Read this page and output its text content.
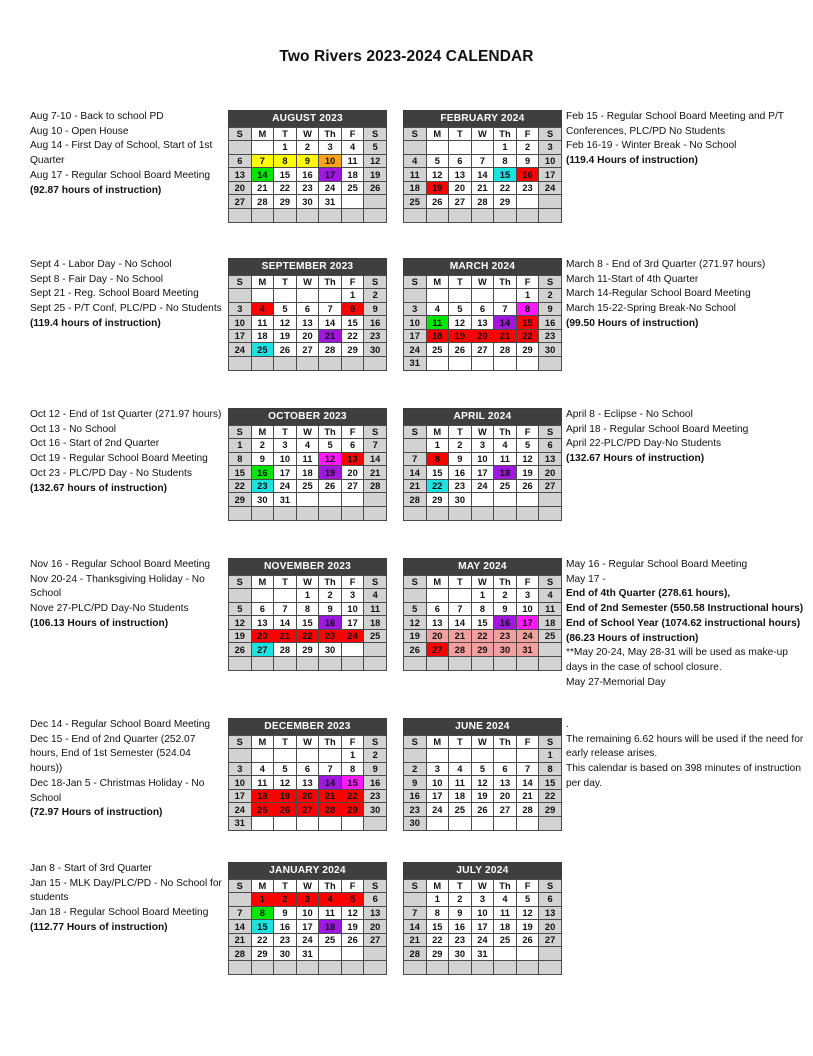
Two Rivers 2023-2024 CALENDAR
Aug 7-10 - Back to school PD
Aug 10 - Open House
Aug 14 - First Day of School, Start of 1st Quarter
Aug 17 - Regular School Board Meeting
(92.87 hours of instruction)
AUGUST 2023
S	M	T	W	Th	F	S
		1	2	3	4	5
6	7	8	9	10	11	12
13	14	15	16	17	18	19
20	21	22	23	24	25	26
27	28	29	30	31		

FEBRUARY 2024
S	M	T	W	Th	F	S
				1	2	3
4	5	6	7	8	9	10
11	12	13	14	15	16	17
18	19	20	21	22	23	24
25	26	27	28	29		

Feb 15 - Regular School Board Meeting and P/T Conferences, PLC/PD No Students
Feb 16-19 - Winter Break - No School
(119.4 Hours of instruction)
Sept 4 - Labor Day - No School
Sept 8 - Fair Day - No School
Sept 21 - Reg. School Board Meeting
Sept 25 - P/T Conf, PLC/PD - No Students
(119.4 hours of instruction)
SEPTEMBER 2023
S	M	T	W	Th	F	S
					1	2
3	4	5	6	7	8	9
10	11	12	13	14	15	16
17	18	19	20	21	22	23
24	25	26	27	28	29	30

MARCH 2024
S	M	T	W	Th	F	S
					1	2
3	4	5	6	7	8	9
10	11	12	13	14	15	16
17	18	19	20	21	22	23
24	25	26	27	28	29	30
31						
March 8 - End of 3rd Quarter (271.97 hours)
March 11-Start of 4th Quarter
March 14-Regular School Board Meeting
March 15-22-Spring Break-No School
(99.50 Hours of instruction)
Oct 12 - End of 1st Quarter (271.97 hours)
Oct 13 - No School
Oct 16 - Start of 2nd Quarter
Oct 19 - Regular School Board Meeting
Oct 23 - PLC/PD Day - No Students
(132.67 hours of instruction)
OCTOBER 2023
S	M	T	W	Th	F	S
1	2	3	4	5	6	7
8	9	10	11	12	13	14
15	16	17	18	19	20	21
22	23	24	25	26	27	28
29	30	31				

APRIL 2024
S	M	T	W	Th	F	S
	1	2	3	4	5	6
7	8	9	10	11	12	13
14	15	16	17	18	19	20
21	22	23	24	25	26	27
28	29	30				

April 8 - Eclipse - No School
April 18 - Regular School Board Meeting
April 22-PLC/PD Day-No Students
(132.67 Hours of instruction)
Nov 16 - Regular School Board Meeting
Nov 20-24 - Thanksgiving Holiday - No School
Nove 27-PLC/PD Day-No Students
(106.13 Hours of instruction)
NOVEMBER 2023
S	M	T	W	Th	F	S
			1	2	3	4
5	6	7	8	9	10	11
12	13	14	15	16	17	18
19	20	21	22	23	24	25
26	27	28	29	30		

MAY 2024
S	M	T	W	Th	F	S
			1	2	3	4
5	6	7	8	9	10	11
12	13	14	15	16	17	18
19	20	21	22	23	24	25
26	27	28	29	30	31	

May 16 - Regular School Board Meeting
May 17 -
End of 4th Quarter (278.61 hours),
End of 2nd Semester (550.58 Instructional hours)
End of School Year (1074.62 instructional hours)
(86.23 Hours of instruction)
**May 20-24, May 28-31 will be used as make-up days in the case of school closure.
May 27-Memorial Day
Dec 14 - Regular School Board Meeting
Dec 15 - End of 2nd Quarter (252.07 hours, End of 1st Semester (524.04 hours))
Dec 18-Jan 5 - Christmas Holiday - No School
(72.97 Hours of instruction)
DECEMBER 2023
S	M	T	W	Th	F	S
					1	2
3	4	5	6	7	8	9
10	11	12	13	14	15	16
17	18	19	20	21	22	23
24	25	26	27	28	29	30
31						
JUNE 2024
S	M	T	W	Th	F	S
						1
2	3	4	5	6	7	8
9	10	11	12	13	14	15
16	17	18	19	20	21	22
23	24	25	26	27	28	29
30						
.
The remaining 6.62 hours will be used if the need for early release arises.
This calendar is based on 398 minutes of instruction per day.
Jan 8 - Start of 3rd Quarter
Jan 15 - MLK Day/PLC/PD - No School for students
Jan 18 - Regular School Board Meeting
(112.77 Hours of instruction)
JANUARY 2024
S	M	T	W	Th	F	S
	1	2	3	4	5	6
7	8	9	10	11	12	13
14	15	16	17	18	19	20
21	22	23	24	25	26	27
28	29	30	31			

JULY 2024
S	M	T	W	Th	F	S
	1	2	3	4	5	6
7	8	9	10	11	12	13
14	15	16	17	18	19	20
21	22	23	24	25	26	27
28	29	30	31			
